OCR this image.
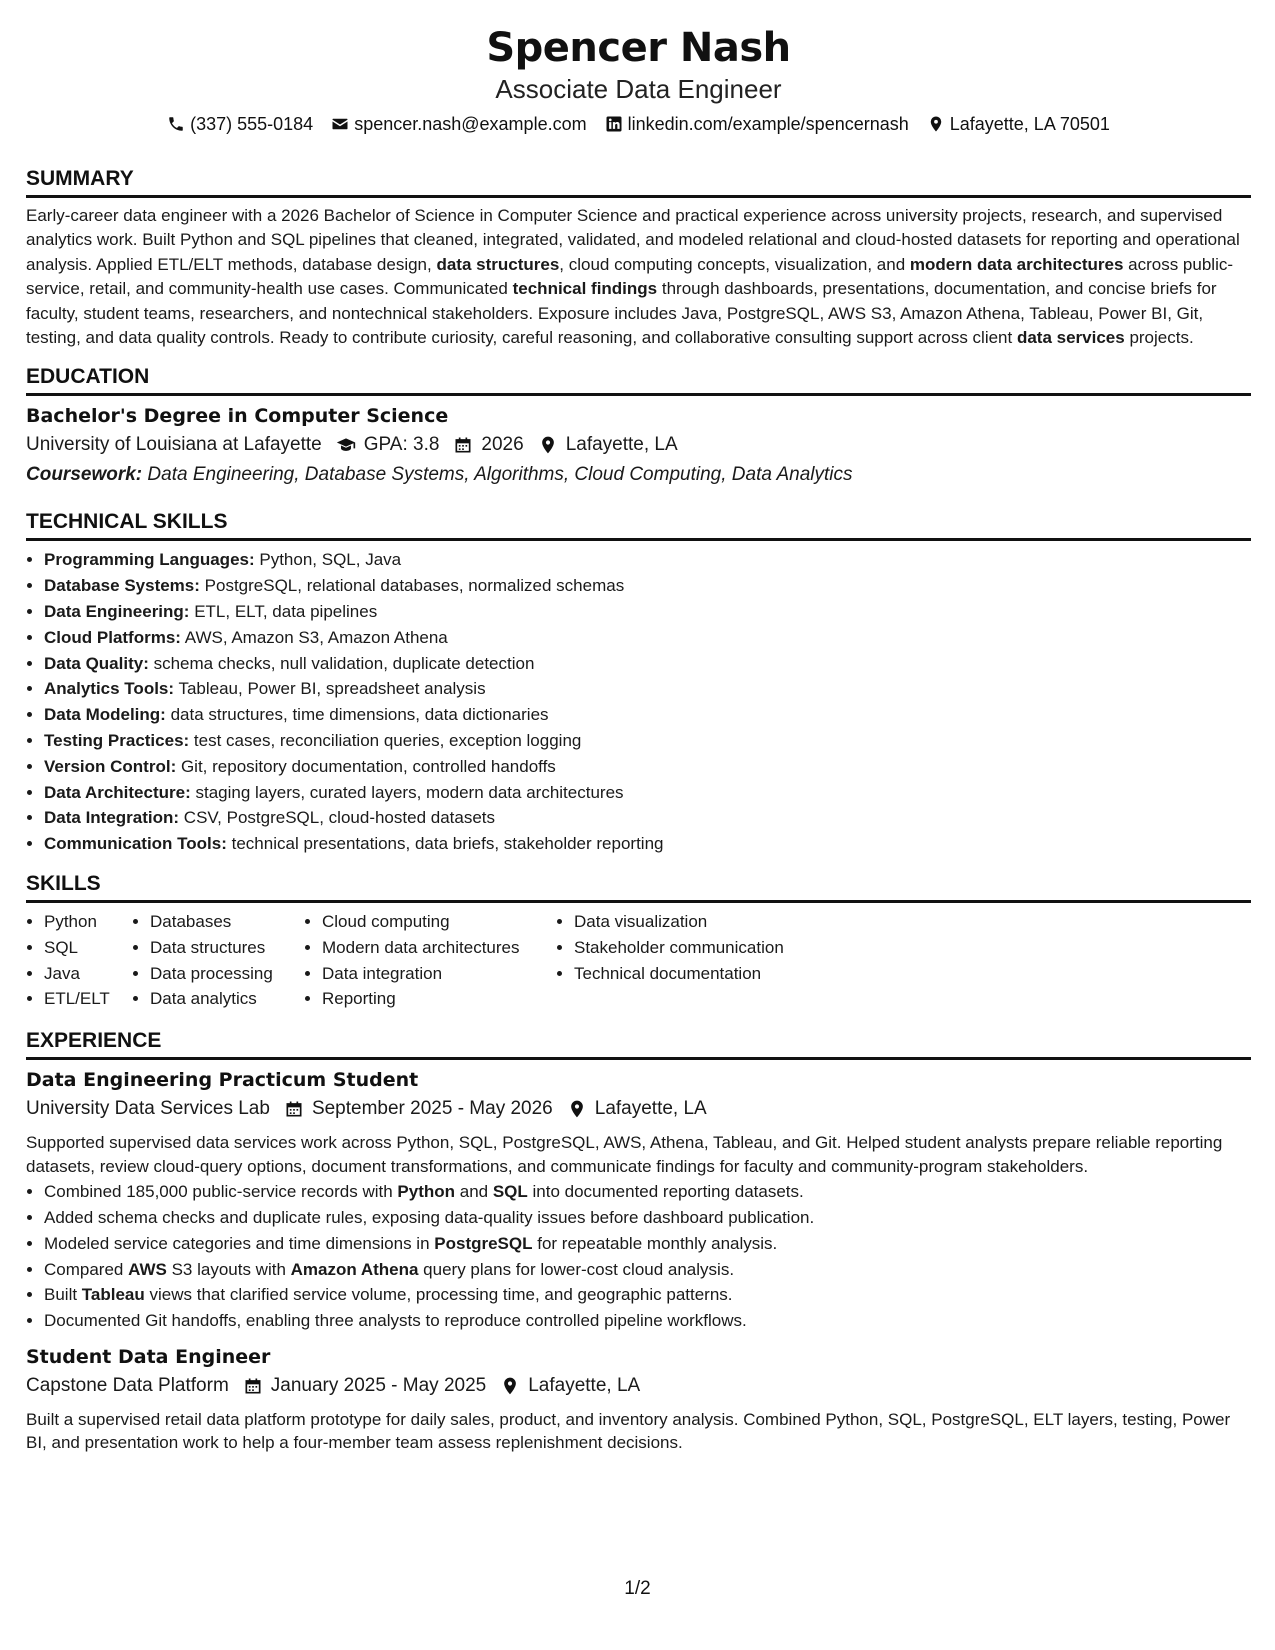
Spencer Nash

Associate Data Engineer

(337) 555-0184 spencer.nash@example.com linkedin.com/example/spencernash Lafayette, LA 70501
SUMMARY

Early-career data engineer with a 2026 Bachelor of Science in Computer Science and practical experience across university projects, research, and supervised analytics work. Built Python and SQL pipelines that cleaned, integrated, validated, and modeled relational and cloud-hosted datasets for reporting and operational analysis. Applied ETL/ELT methods, database design, data structures, cloud computing concepts, visualization, and modern data architectures across public-service, retail, and community-health use cases. Communicated technical findings through dashboards, presentations, documentation, and concise briefs for faculty, student teams, researchers, and nontechnical stakeholders. Exposure includes Java, PostgreSQL, AWS S3, Amazon Athena, Tableau, Power BI, Git, testing, and data quality controls. Ready to contribute curiosity, careful reasoning, and collaborative consulting support across client data services projects.

EDUCATION
Bachelor's Degree in Computer Science
University of Louisiana at Lafayette GPA: 3.8 2026 Lafayette, LA
Coursework: Data Engineering, Database Systems, Algorithms, Cloud Computing, Data Analytics
TECHNICAL SKILLS
• Programming Languages: Python, SQL, Java
• Database Systems: PostgreSQL, relational databases, normalized schemas
• Data Engineering: ETL, ELT, data pipelines
• Cloud Platforms: AWS, Amazon S3, Amazon Athena
• Data Quality: schema checks, null validation, duplicate detection
• Analytics Tools: Tableau, Power BI, spreadsheet analysis
• Data Modeling: data structures, time dimensions, data dictionaries
• Testing Practices: test cases, reconciliation queries, exception logging
• Version Control: Git, repository documentation, controlled handoffs
• Data Architecture: staging layers, curated layers, modern data architectures
• Data Integration: CSV, PostgreSQL, cloud-hosted datasets
• Communication Tools: technical presentations, data briefs, stakeholder reporting
SKILLS
• Python
• SQL
• Java
• ETL/ELT
• Databases
• Data structures
• Data processing
• Data analytics
• Cloud computing
• Modern data architectures
• Data integration
• Reporting
• Data visualization
• Stakeholder communication
• Technical documentation
EXPERIENCE
Data Engineering Practicum Student
University Data Services Lab September 2025 - May 2026 Lafayette, LA

Supported supervised data services work across Python, SQL, PostgreSQL, AWS, Athena, Tableau, and Git. Helped student analysts prepare reliable reporting datasets, review cloud-query options, document transformations, and communicate findings for faculty and community-program stakeholders.

• Combined 185,000 public-service records with Python and SQL into documented reporting datasets.
• Added schema checks and duplicate rules, exposing data-quality issues before dashboard publication.
• Modeled service categories and time dimensions in PostgreSQL for repeatable monthly analysis.
• Compared AWS S3 layouts with Amazon Athena query plans for lower-cost cloud analysis.
• Built Tableau views that clarified service volume, processing time, and geographic patterns.
• Documented Git handoffs, enabling three analysts to reproduce controlled pipeline workflows.
Student Data Engineer
Capstone Data Platform January 2025 - May 2025 Lafayette, LA

Built a supervised retail data platform prototype for daily sales, product, and inventory analysis. Combined Python, SQL, PostgreSQL, ELT layers, testing, Power BI, and presentation work to help a four-member team assess replenishment decisions.

1/2
